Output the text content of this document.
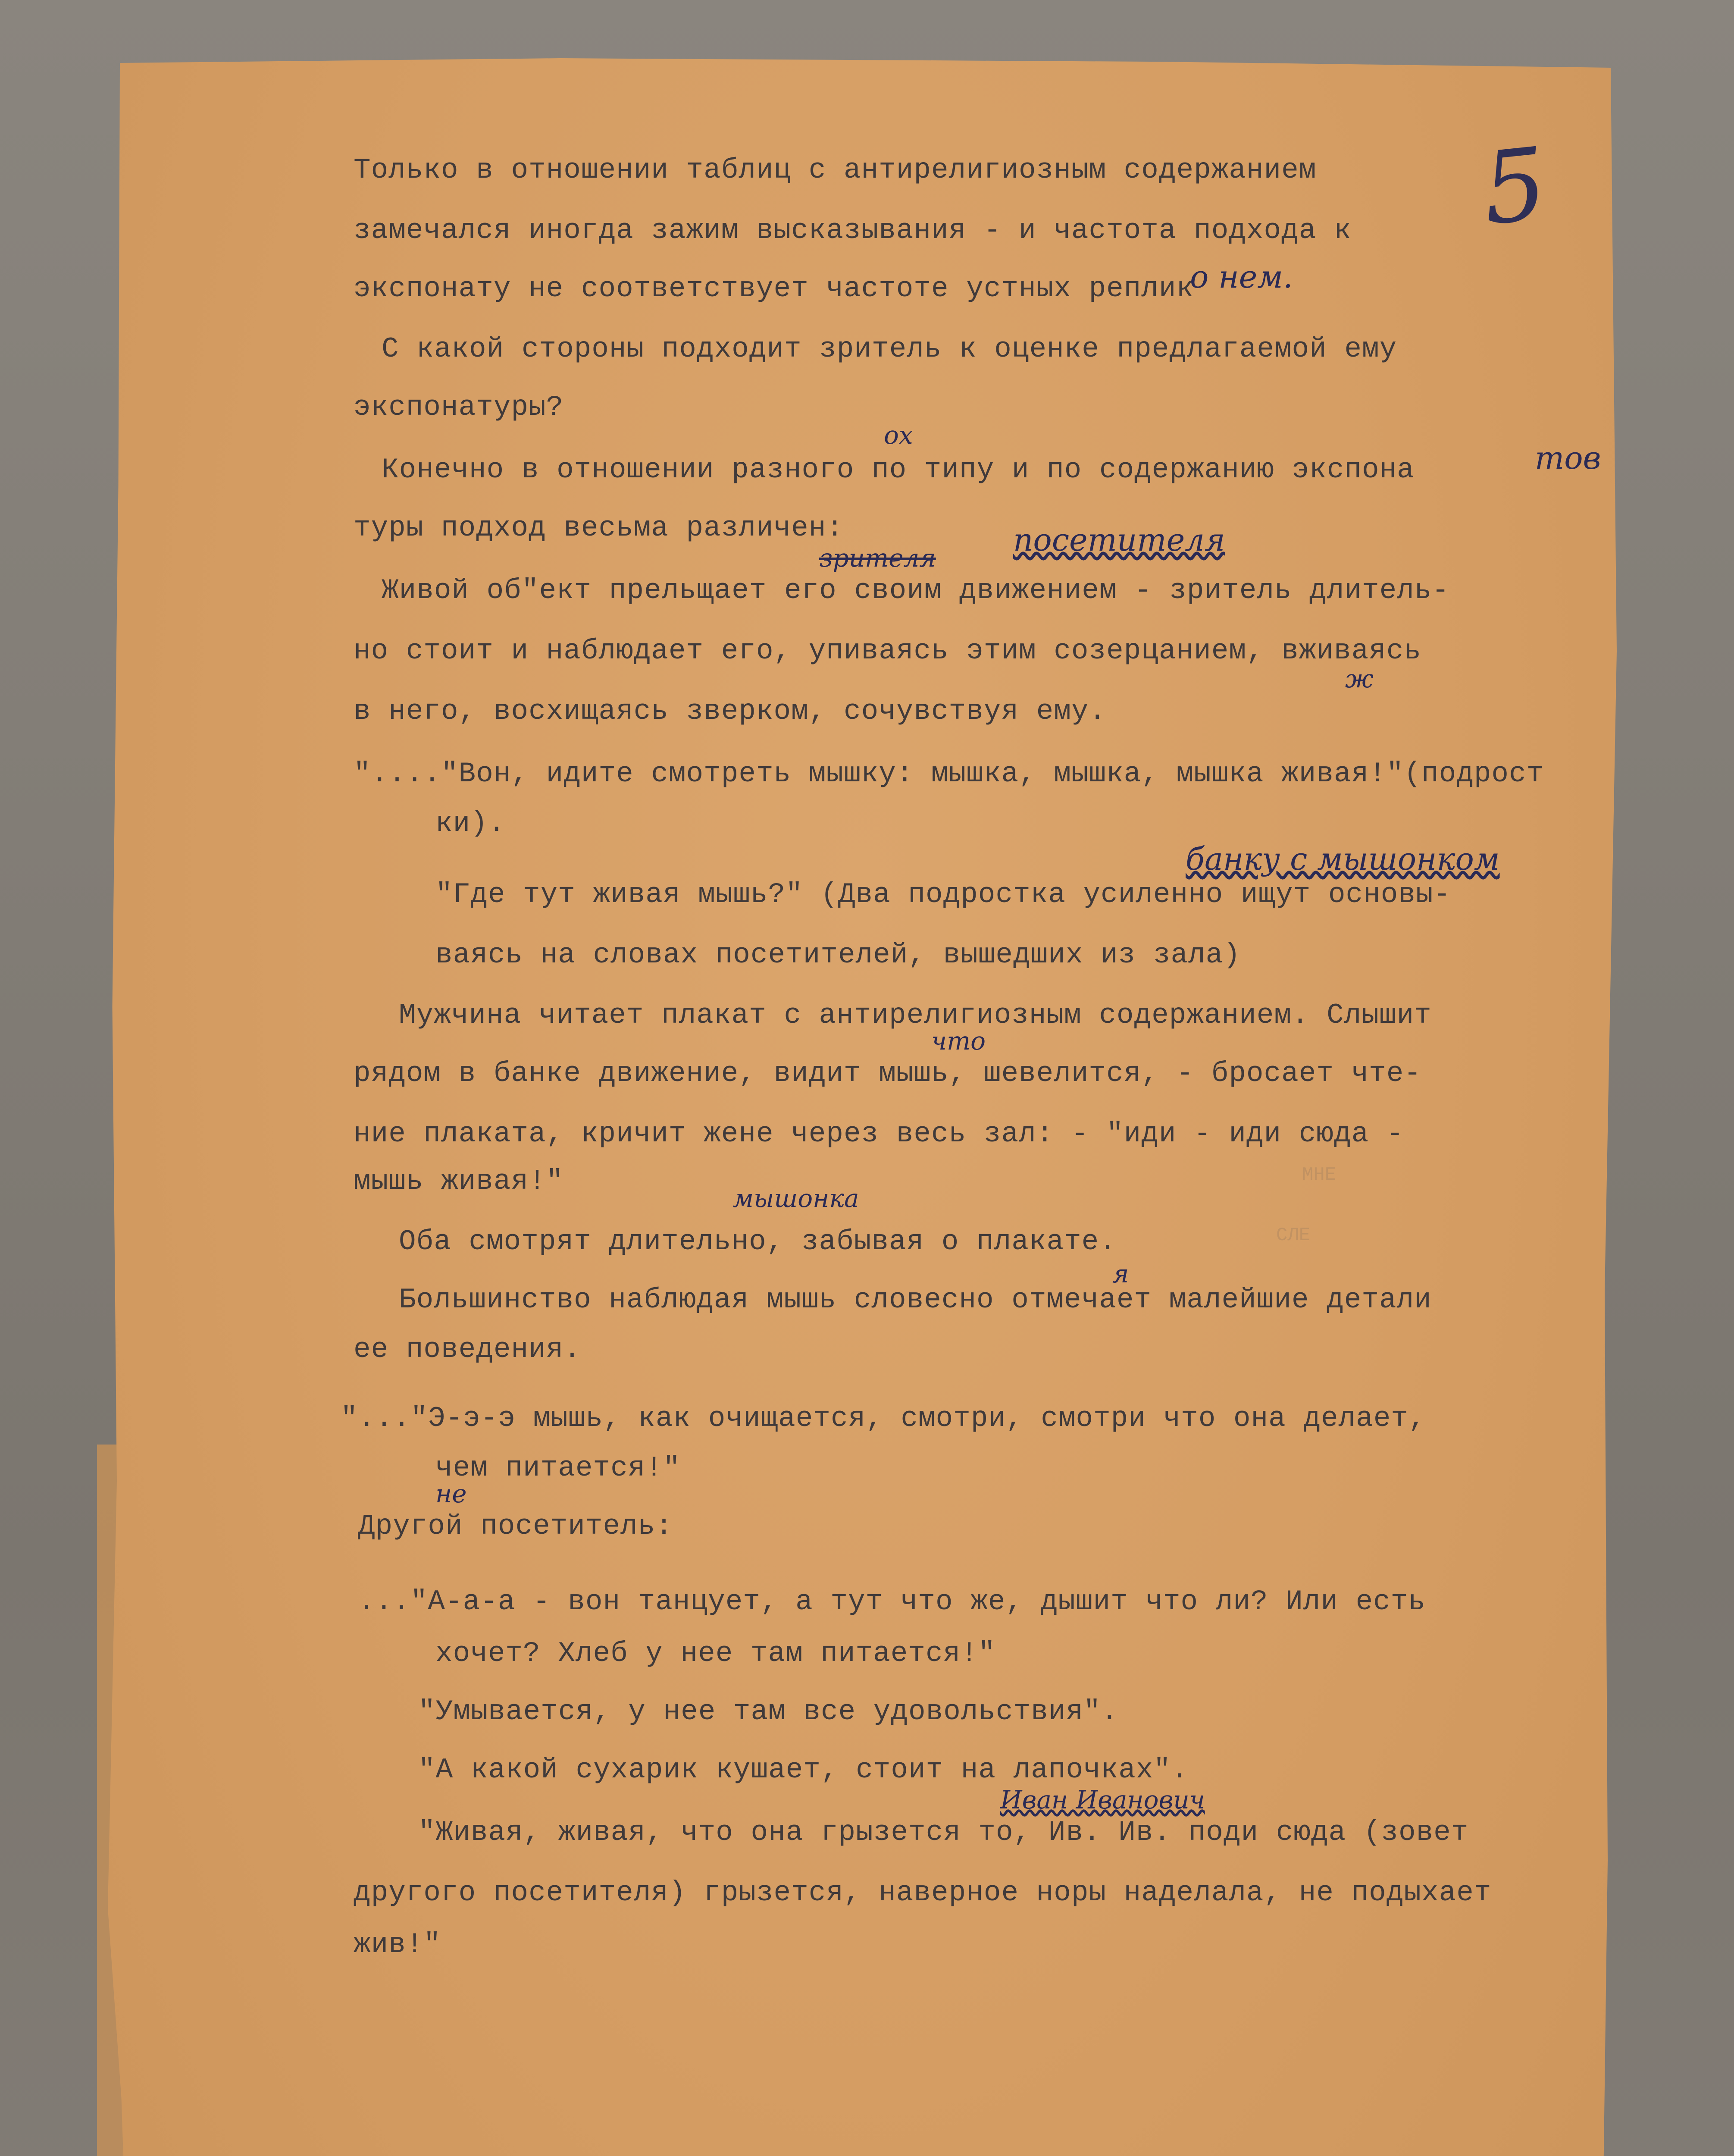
5

Только в отношении таблиц с антирелигиозным содержанием

замечался иногда зажим высказывания - и частота подхода к

экспонату не соответствует частоте устных реплик

С какой стороны подходит зритель к оценке предлагаемой ему

экспонатуры?

Конечно в отношении разного по типу и по содержанию экспона

туры подход весьма различен:

Живой об"ект прельщает его своим движением - зритель длитель-

но стоит и наблюдает его, упиваясь этим созерцанием, вживаясь

в него, восхищаясь зверком, сочувствуя ему.

"...."Вон, идите смотреть мышку: мышка, мышка, мышка живая!"(подрост

ки).

"Где тут живая мышь?" (Два подростка усиленно ищут основы-

ваясь на словах посетителей, вышедших из зала)

Мужчина читает плакат с антирелигиозным содержанием. Слышит

рядом в банке движение, видит мышь, шевелится, - бросает чте-

ние плаката, кричит жене через весь зал: - "иди - иди сюда -

мышь живая!"

Оба смотрят длительно, забывая о плакате.

Большинство наблюдая мышь словесно отмечает малейшие детали

ее поведения.

"..."Э-э-э мышь, как очищается, смотри, смотри что она делает,

чем питается!"

Другой посетитель:

..."А-а-а - вон танцует, а тут что же, дышит что ли? Или есть

хочет? Хлеб у нее там питается!"

"Умывается, у нее там все удовольствия".

"А какой сухарик кушает, стоит на лапочках".

"Живая, живая, что она грызется то, Ив. Ив. поди сюда (зовет

другого посетителя) грызется, наверное норы наделала, не подыхает

жив!"

о нем.

ох

тов

зрителя посетителя

ж

банку с мышонком

что

мышонка

я

не

Иван Иванович

МНЕ

СЛЕ
